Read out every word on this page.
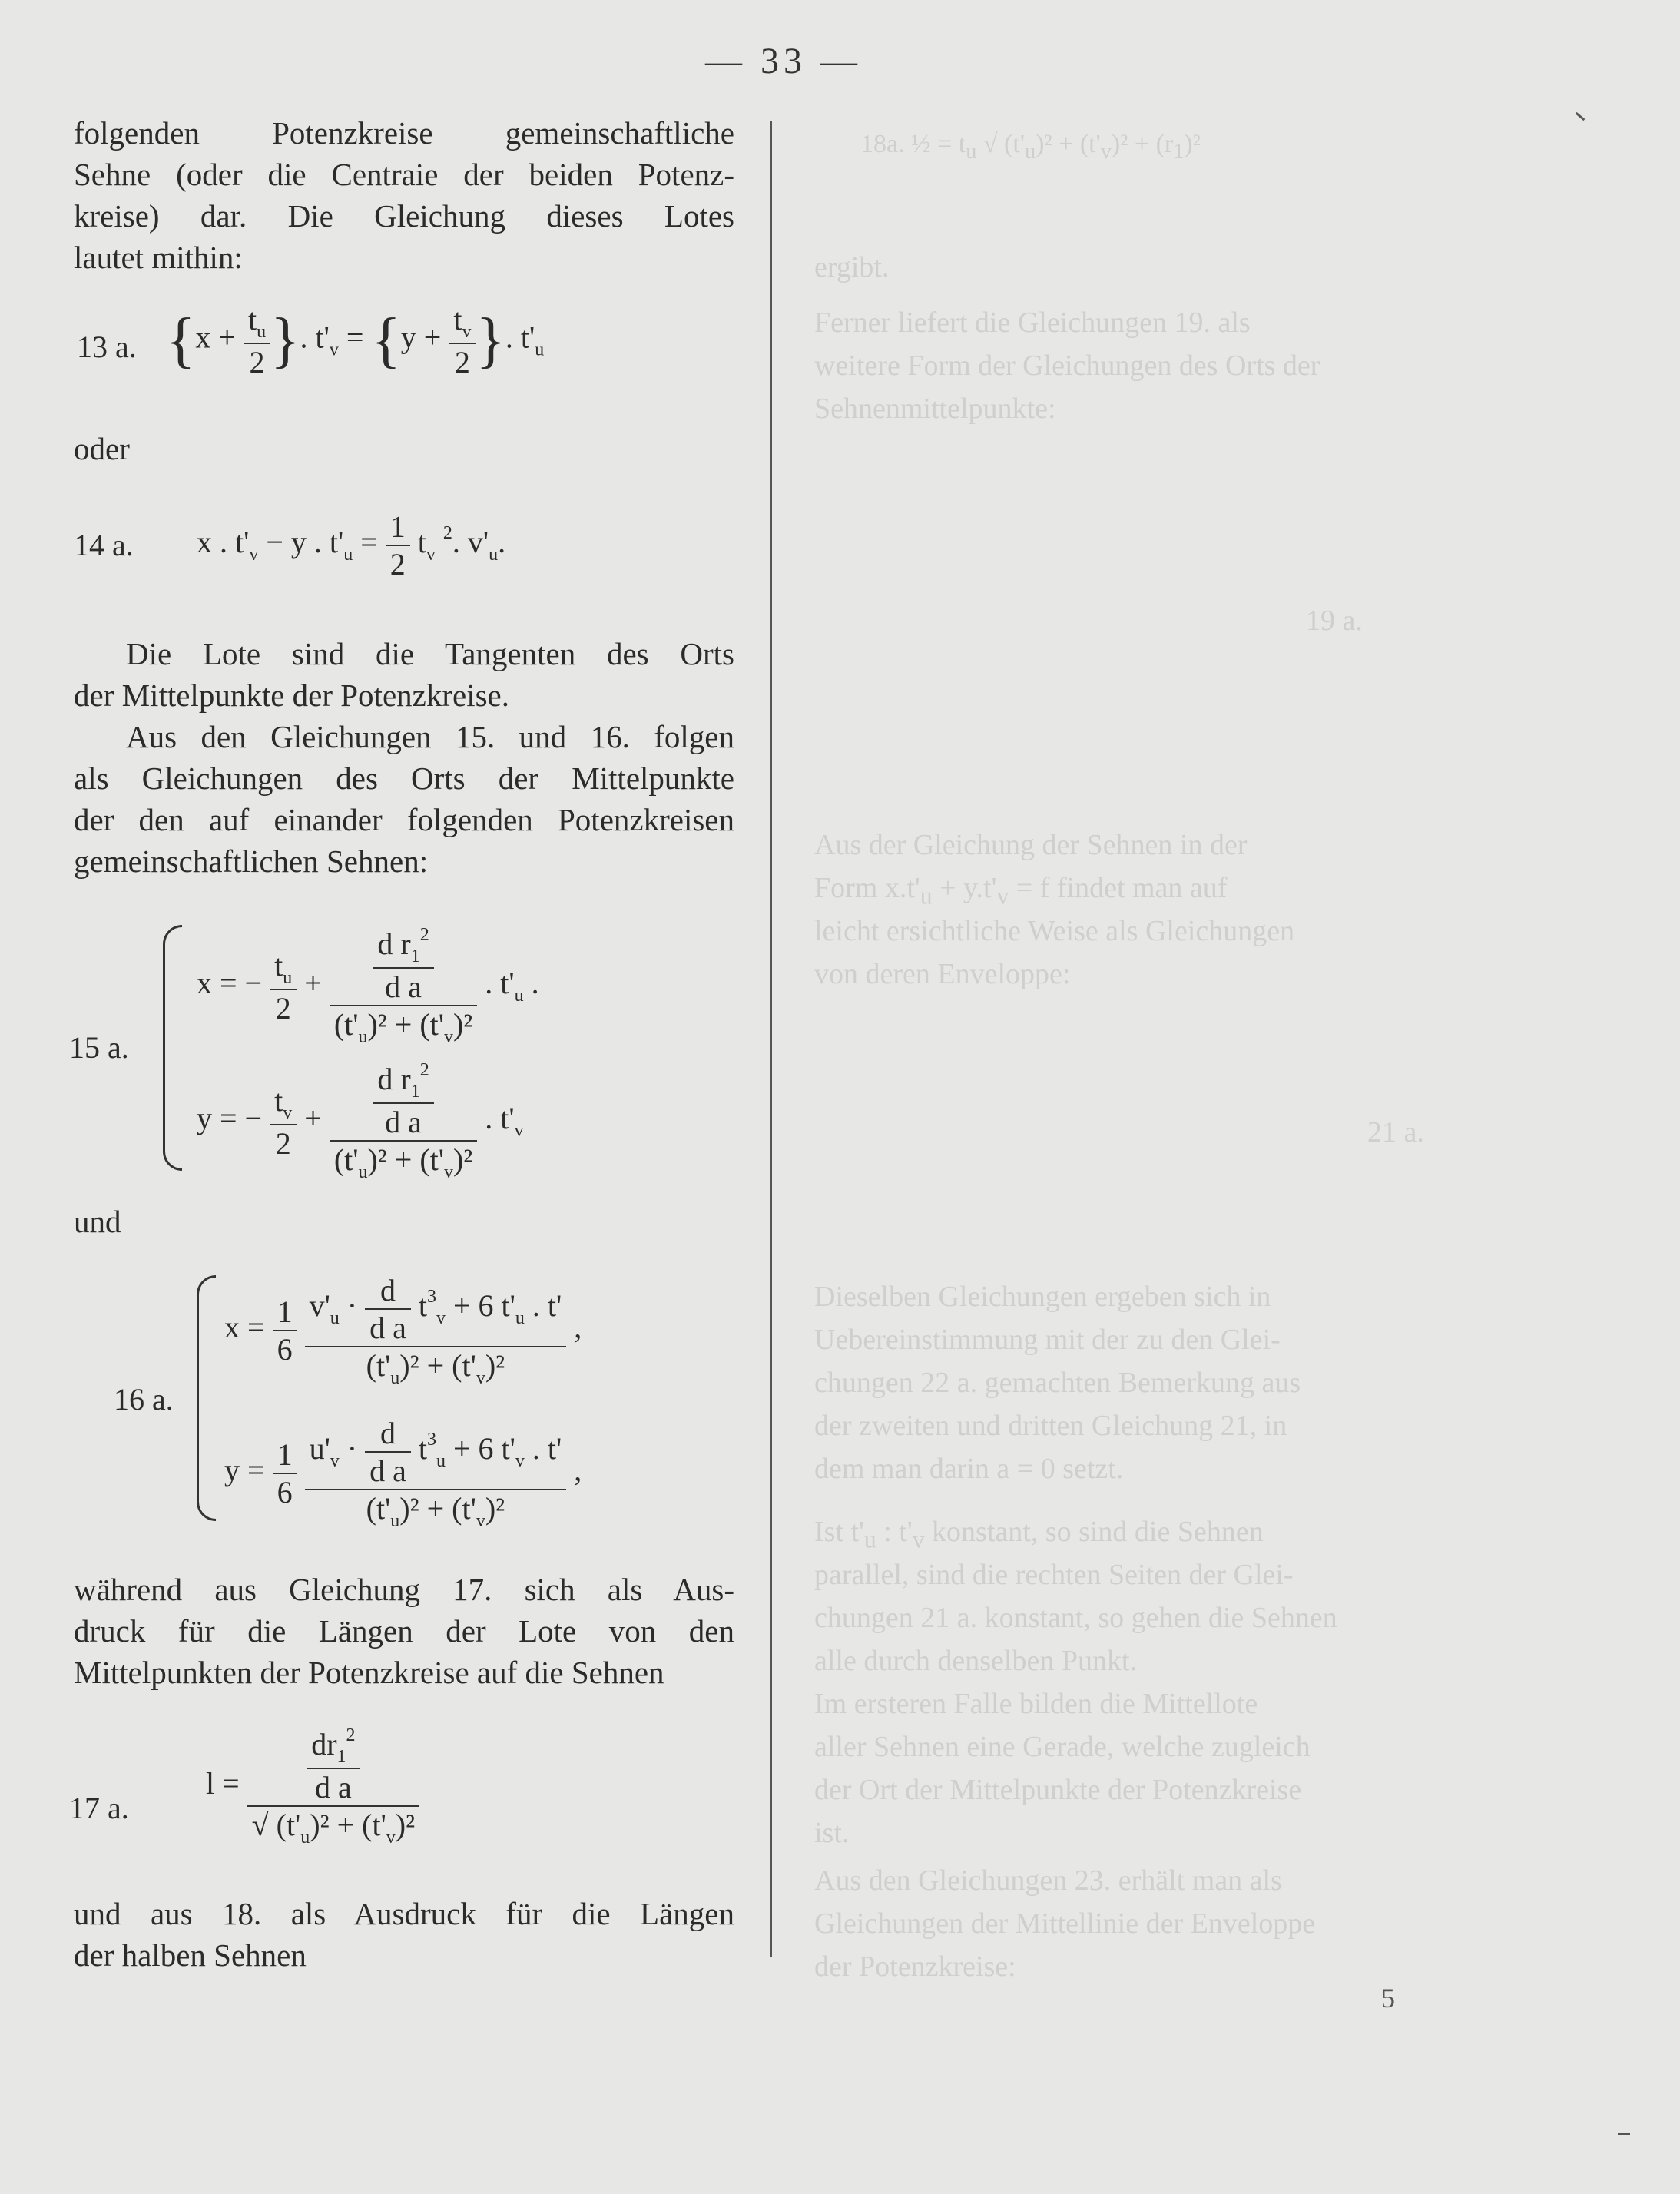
18a. ½ = $t_u$ √ $(t'_u)^2 + (t'_v)^2 + (r_1)^2$
ergibt.
Ferner liefert die Gleichungen 19. als
weitere Form der Gleichungen des Orts der
Sehnenmittelpunkte:
19 a.
Aus der Gleichung der Sehnen in der
Form $x.t'_u + y.t'_v = f$ findet man auf
leicht ersichtliche Weise als Gleichungen
von deren Enveloppe:
21 a.
Dieselben Gleichungen ergeben sich in
Uebereinstimmung mit der zu den Glei-
chungen 22 a. gemachten Bemerkung aus
der zweiten und dritten Gleichung 21, in
dem man darin a = 0 setzt.
Ist $t'_u$ : $t'_v$ konstant, so sind die Sehnen
parallel, sind die rechten Seiten der Glei-
chungen 21 a. konstant, so gehen die Sehnen
alle durch denselben Punkt.
Im ersteren Falle bilden die Mittellote
aller Sehnen eine Gerade, welche zugleich
der Ort der Mittelpunkte der Potenzkreise
ist.
Aus den Gleichungen 23. erhält man als
Gleichungen der Mittellinie der Enveloppe
der Potenzkreise:
— 33 —
folgenden Potenzkreise gemeinschaftliche
Sehne (oder die Centraie der beiden Potenz-
kreise) dar. Die Gleichung dieses Lotes
lautet mithin:
13 a. {$x + \frac{t_u}{2}$ }. $t'_v = \{y + \frac{t_v}{2}$ }. $t'_u$
oder
14 a. x . $t'_v - y$ . $t'_u = \frac{1}{2} t_v$ $^2$. $v'_u$.
Die Lote sind die Tangenten des Orts
der Mittelpunkte der Potenzkreise.
Aus den Gleichungen 15. und 16. folgen
als Gleichungen des Orts der Mittelpunkte
der den auf einander folgenden Potenzkreisen
gemeinschaftlichen Sehnen:
15 a.
x = − $\frac{t_u}{2} + \frac{\frac{d r_1^2}{\text{d a}}}{(t'_u)^2 + (t'_v)^2}$ . $t'_u$ .
y = − $\frac{t_v}{2} + \frac{\frac{d r_1^2}{\text{d a}}}{(t'_u)^2 + (t'_v)^2}$ . $t'_v$
und
16 a.
$x = \frac{1}{6}$
$\frac{v'_u \cdot \frac{d}{\text{d a}} t^3_v + 6 t'_u . t'}{(t'_u)^2 + (t'_v)^2}$ ,
$y = \frac{1}{6}$
$\frac{u'_v \cdot \frac{d}{\text{d a}} t^3_u + 6 t'_v . t'}{(t'_u)^2 + (t'_v)^2}$ ,
während aus Gleichung 17. sich als Aus-
druck für die Längen der Lote von den
Mittelpunkten der Potenzkreise auf die Sehnen
17 a.
$l = \frac{\frac{dr_1^2}{\text{d a}}}{√ (t'_u)^2 + (t'_v)^2}$
und aus 18. als Ausdruck für die Längen
der halben Sehnen
5
